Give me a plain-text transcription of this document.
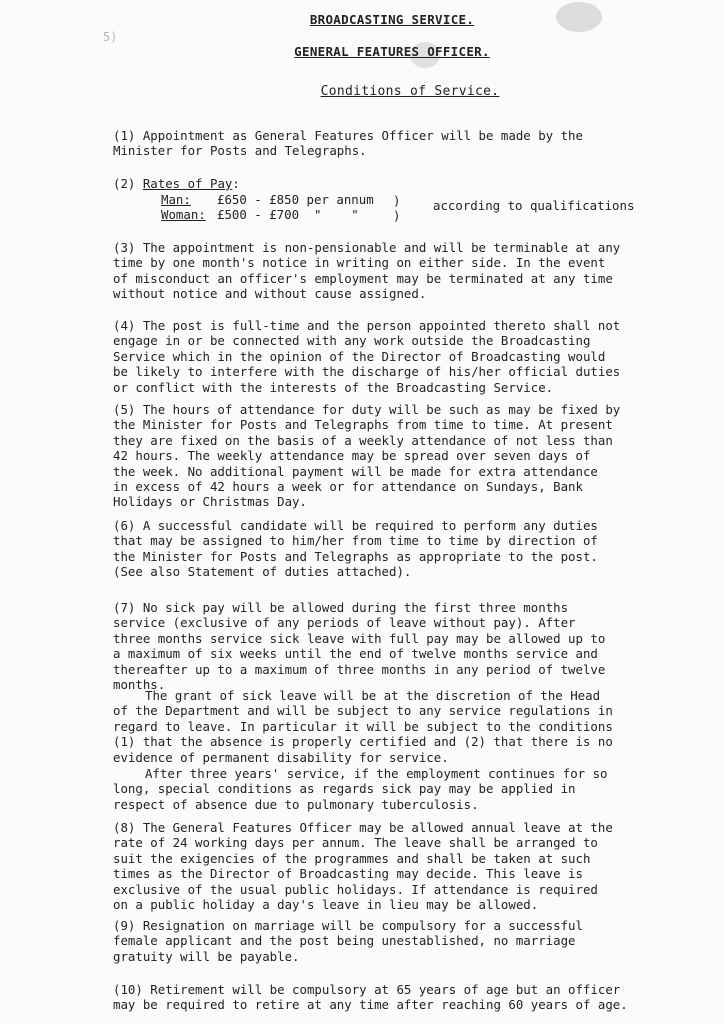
5)
BROADCASTING SERVICE.
GENERAL FEATURES OFFICER.
Conditions of Service.

(1) Appointment as General Features Officer will be made by the
Minister for Posts and Telegraphs.

(2) Rates of Pay:
Man: £650 - £850 per annum
Woman: £500 - £700  "    "
)
)
according to qualifications

(3) The appointment is non-pensionable and will be terminable at any
time by one month's notice in writing on either side. In the event
of misconduct an officer's employment may be terminated at any time
without notice and without cause assigned.

(4) The post is full-time and the person appointed thereto shall not
engage in or be connected with any work outside the Broadcasting
Service which in the opinion of the Director of Broadcasting would
be likely to interfere with the discharge of his/her official duties
or conflict with the interests of the Broadcasting Service.

(5) The hours of attendance for duty will be such as may be fixed by
the Minister for Posts and Telegraphs from time to time. At present
they are fixed on the basis of a weekly attendance of not less than
42 hours. The weekly attendance may be spread over seven days of
the week. No additional payment will be made for extra attendance
in excess of 42 hours a week or for attendance on Sundays, Bank
Holidays or Christmas Day.

(6) A successful candidate will be required to perform any duties
that may be assigned to him/her from time to time by direction of
the Minister for Posts and Telegraphs as appropriate to the post.
(See also Statement of duties attached).

(7) No sick pay will be allowed during the first three months
service (exclusive of any periods of leave without pay). After
three months service sick leave with full pay may be allowed up to
a maximum of six weeks until the end of twelve months service and
thereafter up to a maximum of three months in any period of twelve
months.

The grant of sick leave will be at the discretion of the Head
of the Department and will be subject to any service regulations in
regard to leave. In particular it will be subject to the conditions
(1) that the absence is properly certified and (2) that there is no
evidence of permanent disability for service.

After three years' service, if the employment continues for so
long, special conditions as regards sick pay may be applied in
respect of absence due to pulmonary tuberculosis.

(8) The General Features Officer may be allowed annual leave at the
rate of 24 working days per annum. The leave shall be arranged to
suit the exigencies of the programmes and shall be taken at such
times as the Director of Broadcasting may decide. This leave is
exclusive of the usual public holidays. If attendance is required
on a public holiday a day's leave in lieu may be allowed.

(9) Resignation on marriage will be compulsory for a successful
female applicant and the post being unestablished, no marriage
gratuity will be payable.

(10) Retirement will be compulsory at 65 years of age but an officer
may be required to retire at any time after reaching 60 years of age.
